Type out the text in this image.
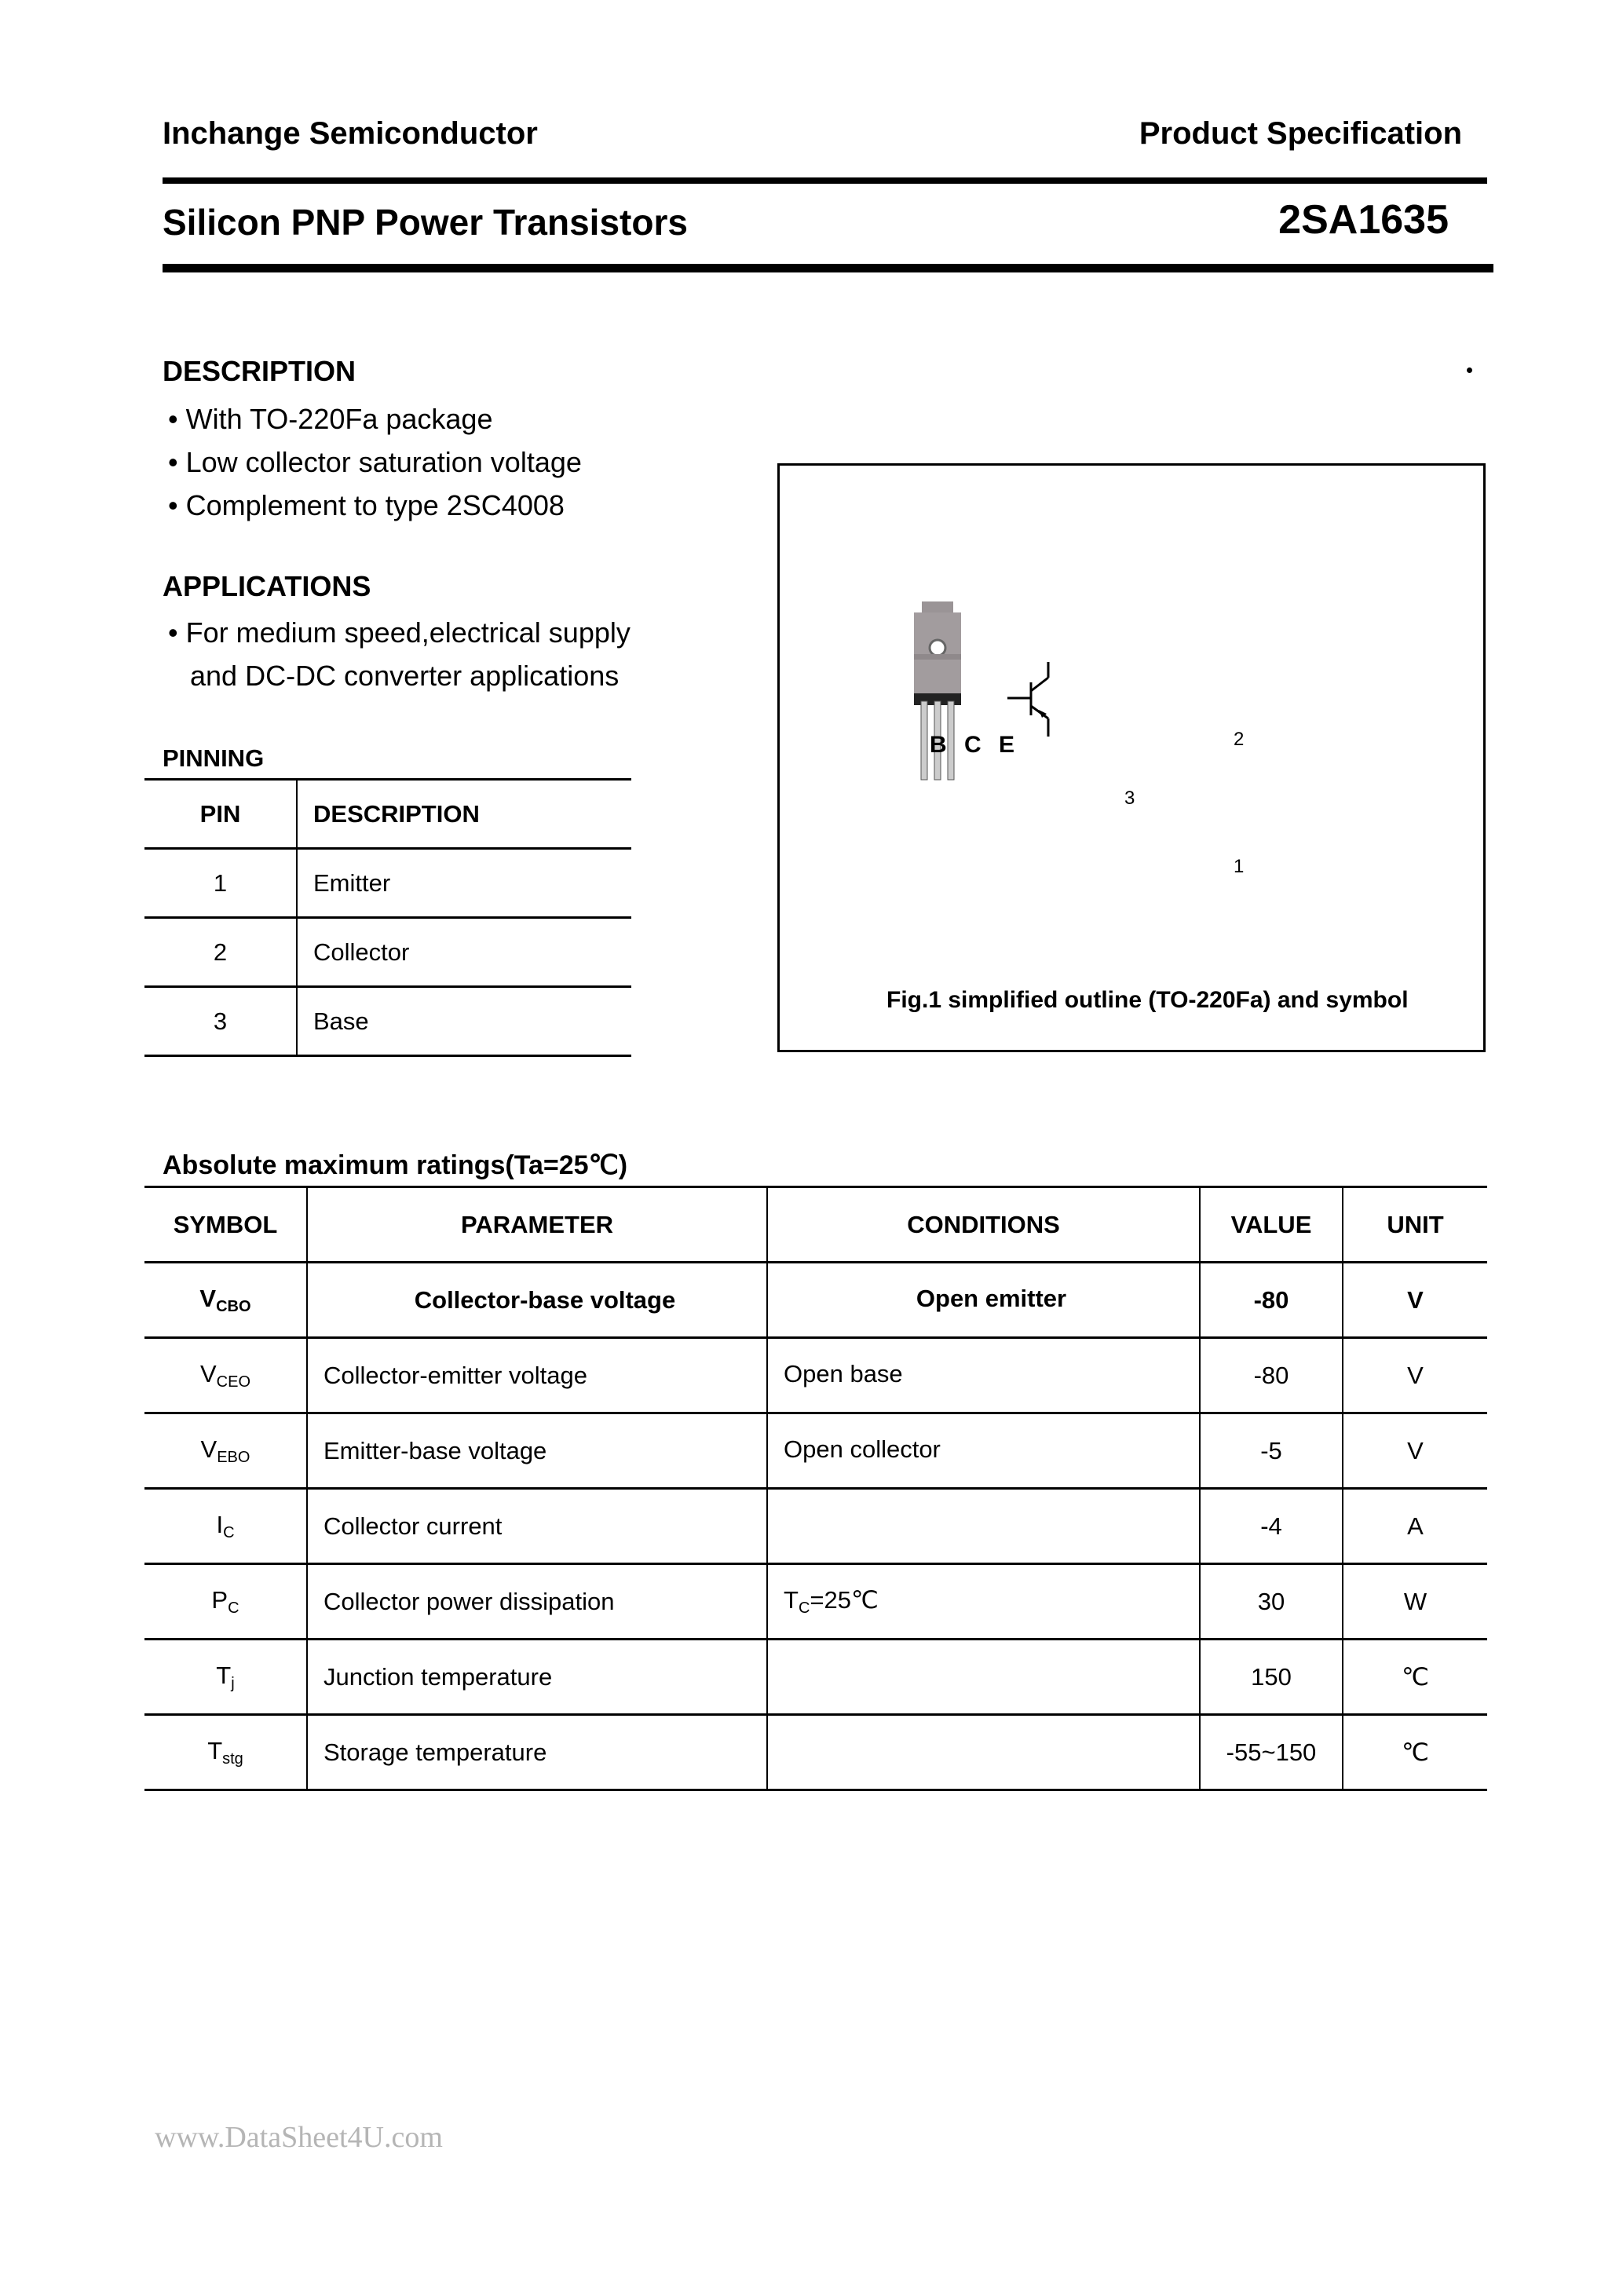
Inchange Semiconductor	Product Specification
Silicon PNP Power Transistors	2SA1635
DESCRIPTION
• With TO-220Fa package
• Low collector saturation voltage
• Complement to type 2SC4008
APPLICATIONS
• For medium speed,electrical supply
and DC-DC converter applications
PINNING
PIN	DESCRIPTION
1	Emitter
2	Collector
3	Base
B C E	2
3
1
Fig.1 simplified outline (TO-220Fa) and symbol
Absolute maximum ratings(Ta=25℃)
SYMBOL	PARAMETER	CONDITIONS	VALUE	UNIT
$V_{CBO}$	Collector-base voltage	Open emitter	-80	V
$V_{CEO}$	Collector-emitter voltage	Open base	-80	V
$V_{EBO}$	Emitter-base voltage	Open collector	-5	V
$I_C$	Collector current		-4	A
$P_C$	Collector power dissipation	$T_C=25℃$	30	W
$T_j$	Junction temperature		150	℃
$T_{stg}$	Storage temperature		-55~150	℃
www.DataSheet4U.com
